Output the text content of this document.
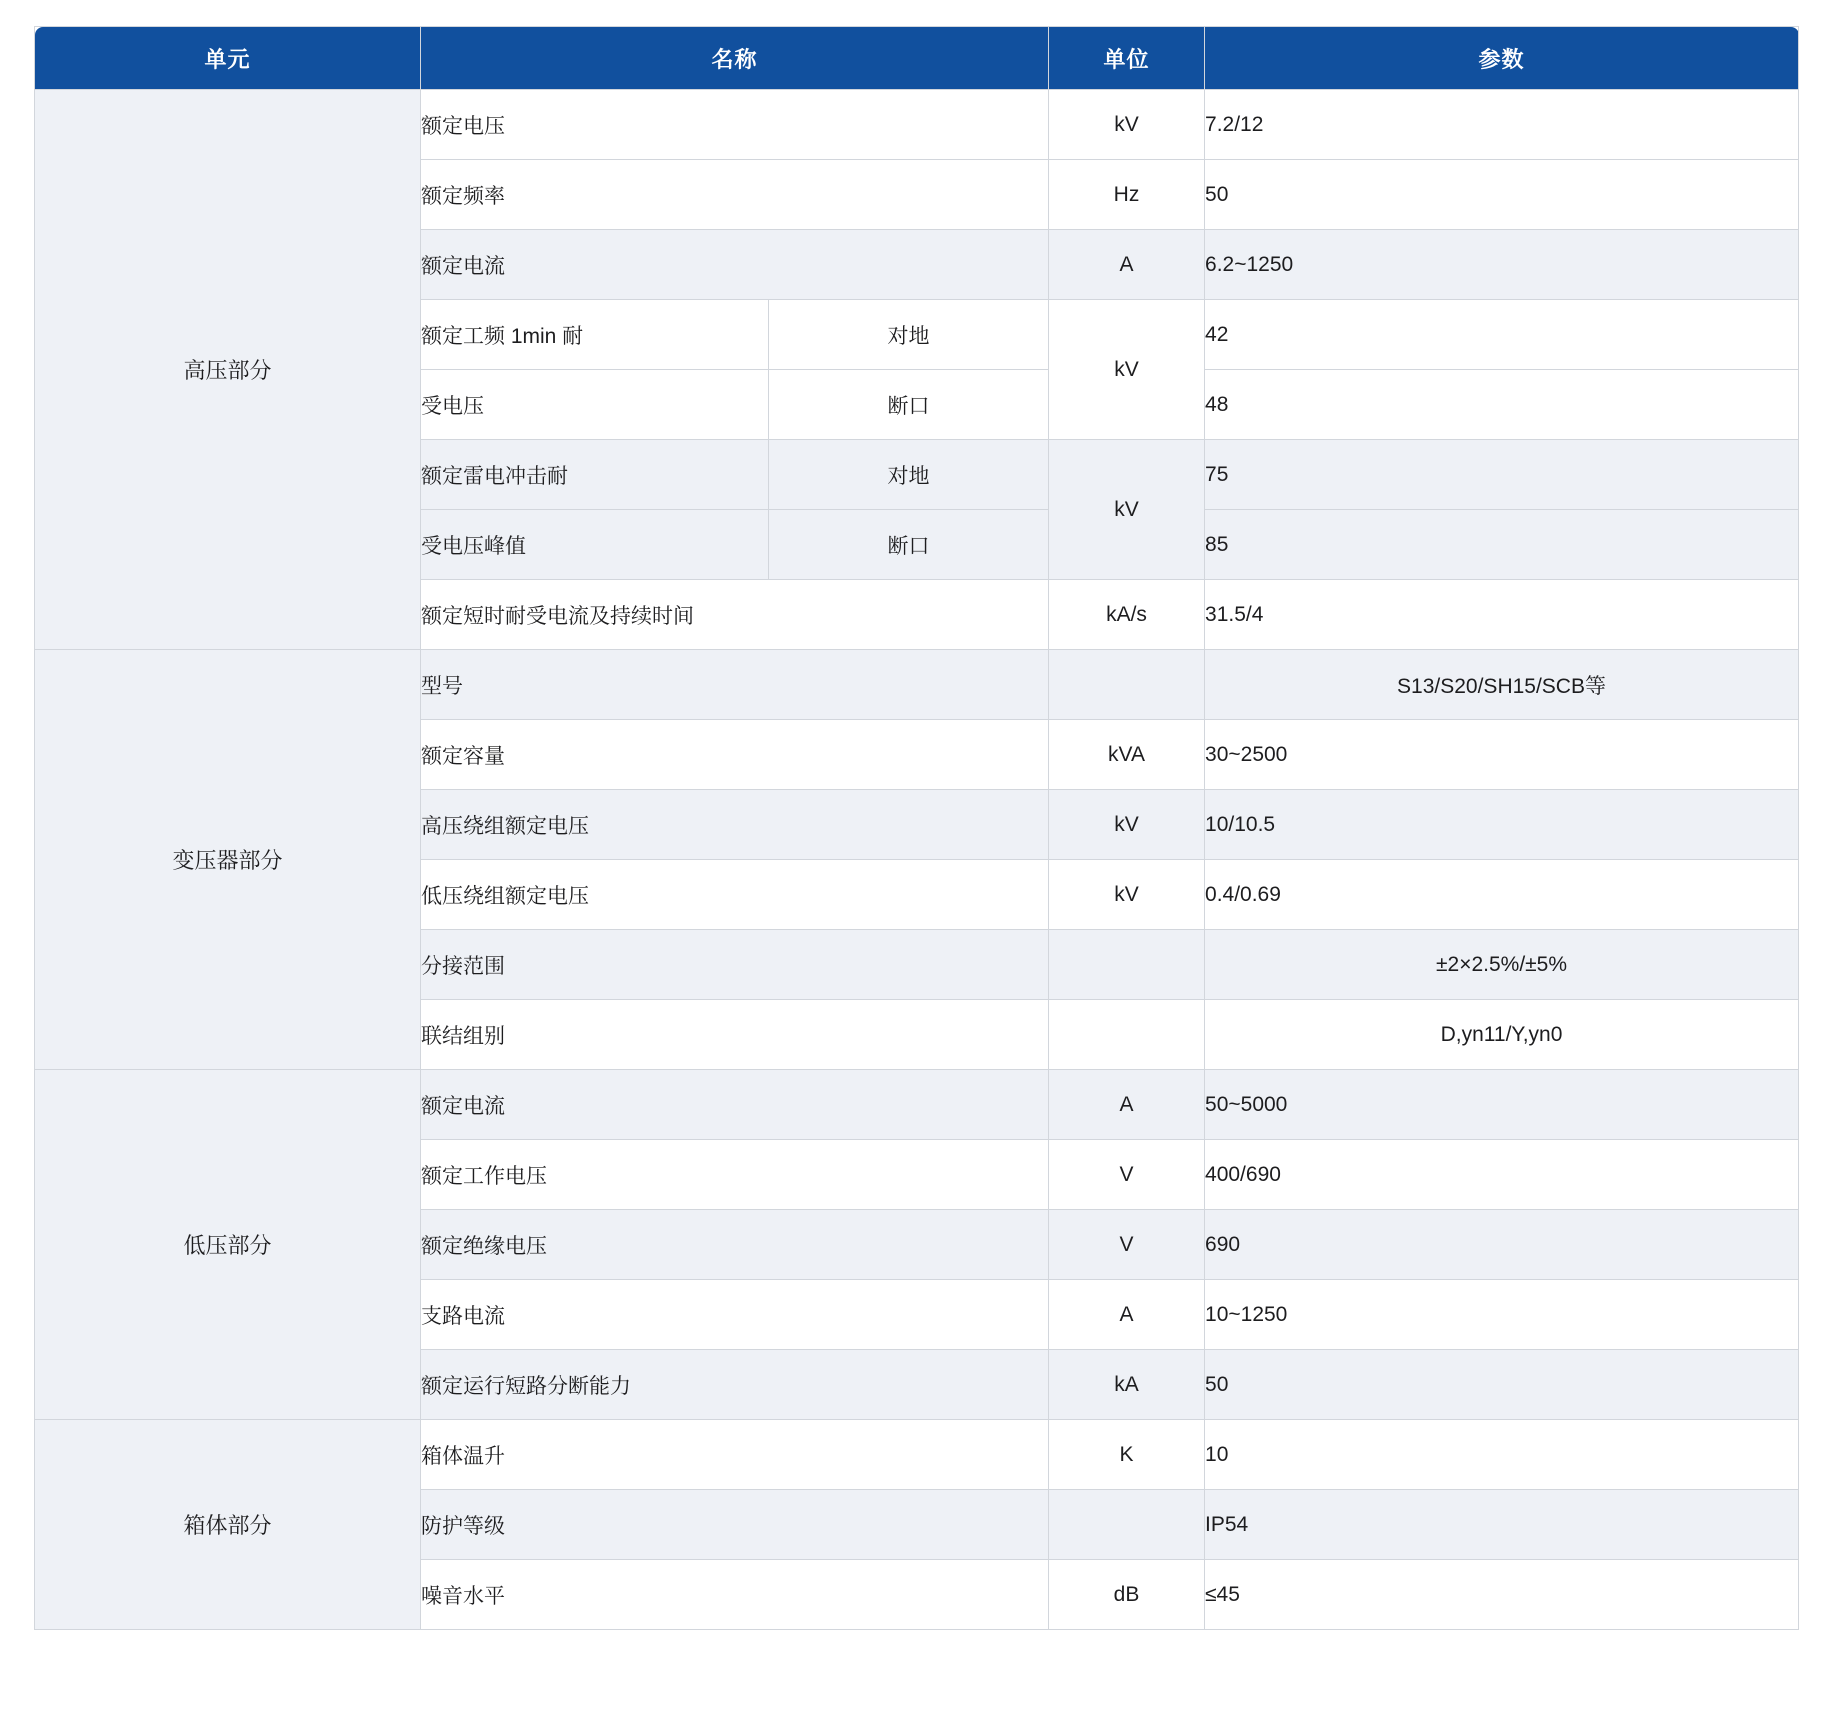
单元	名称		单位	参数
高压部分	额定电压		kV	7.2/12
	额定频率		Hz	50
	额定电流		A	6.2~1250
	额定工频 1min 耐	对地	kV	42
	受电压	断口		48
	额定雷电冲击耐	对地	kV	75
	受电压峰值	断口		85
	额定短时耐受电流及持续时间		kA/s	31.5/4
变压器部分	型号			S13/S20/SH15/SCB等
	额定容量		kVA	30~2500
	高压绕组额定电压		kV	10/10.5
	低压绕组额定电压		kV	0.4/0.69
	分接范围			±2×2.5%/±5%
	联结组别			D,yn11/Y,yn0
低压部分	额定电流		A	50~5000
	额定工作电压		V	400/690
	额定绝缘电压		V	690
	支路电流		A	10~1250
	额定运行短路分断能力		kA	50
箱体部分	箱体温升		K	10
	防护等级			IP54
	噪音水平		dB	≤45
